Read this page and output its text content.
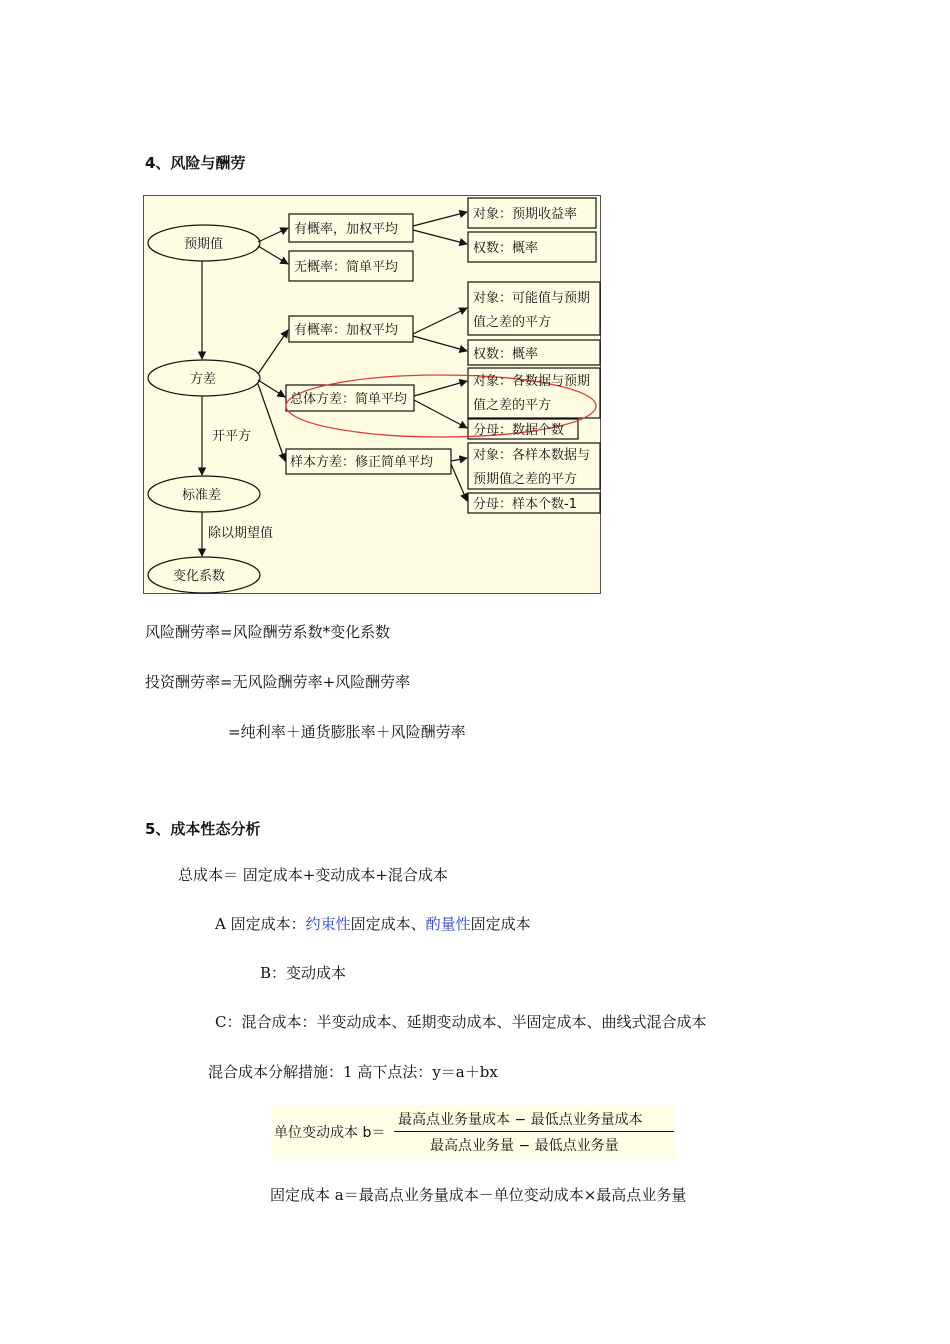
4、风险与酬劳
预期值
方差
标准差
变化系数
开平方
除以期望值
有概率，加权平均
无概率：简单平均
对象：预期收益率
权数：概率
有概率：加权平均
对象：可能值与预期
值之差的平方
权数：概率
总体方差：简单平均
对象：各数据与预期
值之差的平方
分母：数据个数
样本方差：修正简单平均	对象：各样本数据与
预期值之差的平方
分母：样本个数-1
风险酬劳率=风险酬劳系数*变化系数
投资酬劳率=无风险酬劳率+风险酬劳率
=纯利率＋通货膨胀率＋风险酬劳率
5、成本性态分析
总成本＝ 固定成本+变动成本+混合成本
A 固定成本：约束性固定成本、酌量性固定成本
B：变动成本
C：混合成本：半变动成本、延期变动成本、半固定成本、曲线式混合成本
混合成本分解措施：1 高下点法：y＝a＋bx
单位变动成本 b＝
最高点业务量成本 − 最低点业务量成本
最高点业务量 − 最低点业务量
固定成本 a＝最高点业务量成本－单位变动成本×最高点业务量
